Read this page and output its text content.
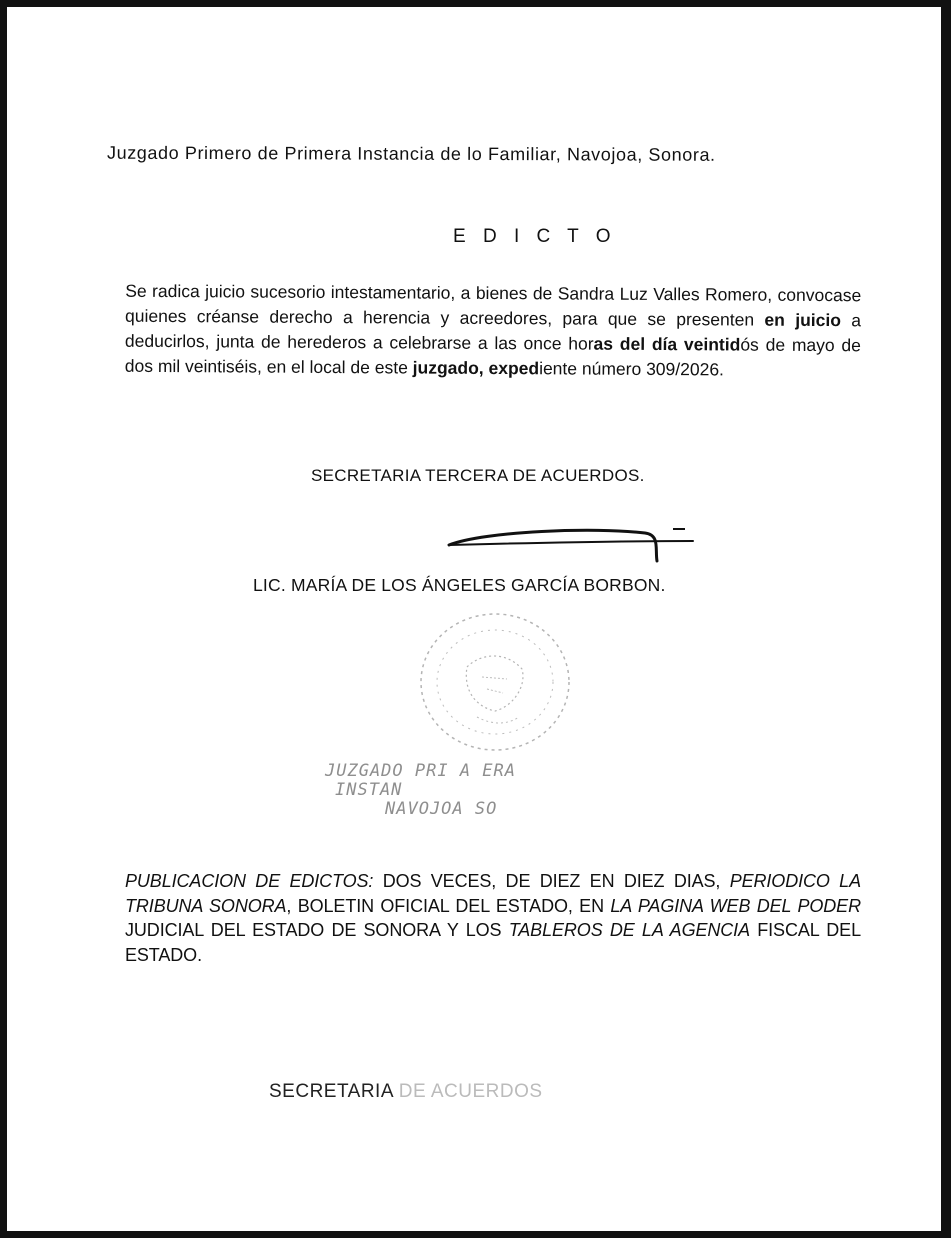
Juzgado Primero de Primera Instancia de lo Familiar, Navojoa, Sonora.
E D I C T O
Se radica juicio sucesorio intestamentario, a bienes de Sandra Luz Valles Romero, convocase quienes créanse derecho a herencia y acreedores, para que se presenten en juicio a deducirlos, junta de herederos a celebrarse a las once horas del día veintidós de mayo de dos mil veintiséis, en el local de este juzgado, expediente número 309/2026.
SECRETARIA TERCERA DE ACUERDOS.
LIC. MARÍA DE LOS ÁNGELES GARCÍA BORBON.
JUZGADO PRI A ERA
INSTAN
NAVOJOA SO
PUBLICACION DE EDICTOS: DOS VECES, DE DIEZ EN DIEZ DIAS, PERIODICO LA TRIBUNA SONORA, BOLETIN OFICIAL DEL ESTADO, EN LA PAGINA WEB DEL PODER JUDICIAL DEL ESTADO DE SONORA Y LOS TABLEROS DE LA AGENCIA FISCAL DEL ESTADO.
SECRETARIA DE ACUERDOS
